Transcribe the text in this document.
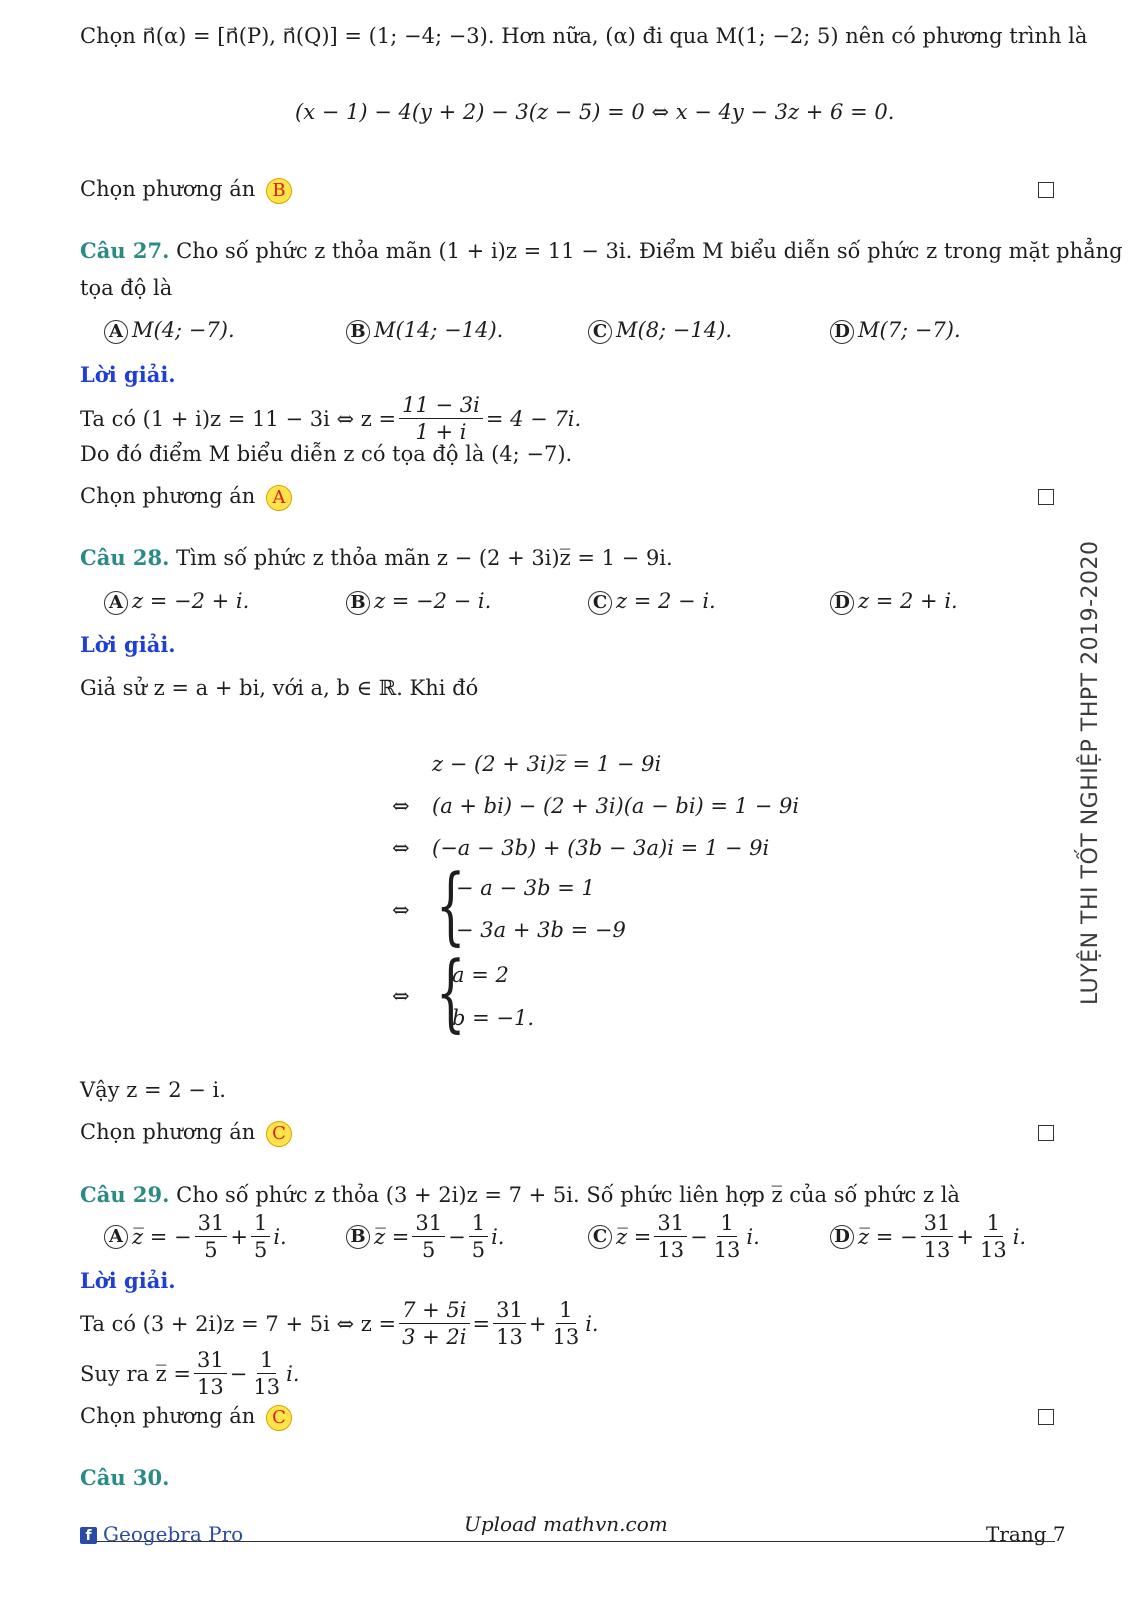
Chọn n⃗(α) = [n⃗(P), n⃗(Q)] = (1; −4; −3). Hơn nữa, (α) đi qua M(1; −2; 5) nên có phương trình là
(x − 1) − 4(y + 2) − 3(z − 5) = 0 ⇔ x − 4y − 3z + 6 = 0.
Chọn phương án B
Câu 27. Cho số phức z thỏa mãn (1 + i)z = 11 − 3i. Điểm M biểu diễn số phức z trong mặt phẳng
tọa độ là
A M(4; −7).	B M(14; −14).	C M(8; −14).	D M(7; −7).
Lời giải.
Ta có (1 + i)z = 11 − 3i ⇔ $z = \frac{11 - 3i}{1 + i} = 4 - 7i$.
Do đó điểm M biểu diễn z có tọa độ là (4; −7).
Chọn phương án A
Câu 28. Tìm số phức z thỏa mãn z − (2 + 3i)z̅ = 1 − 9i.
A z = −2 + i.	B z = −2 − i.	C z = 2 − i.	D z = 2 + i.
Lời giải.
Giả sử z = a + bi, với a, b ∈ ℝ. Khi đó
z − (2 + 3i)z̅ = 1 − 9i
⇔ (a + bi) − (2 + 3i)(a − bi) = 1 − 9i
⇔ (−a − 3b) + (3b − 3a)i = 1 − 9i
⇔ {
− a − 3b = 1
− 3a + 3b = −9
⇔ {
a = 2
b = −1.
Vậy z = 2 − i.
Chọn phương án C
Câu 29. Cho số phức z thỏa (3 + 2i)z = 7 + 5i. Số phức liên hợp z̅ của số phức z là
A z̅ = − $\frac{31}{5} + \frac{1}{5} i$.	B z̅ = $\frac{31}{5} - \frac{1}{5} i$.	C z̅ = $\frac{31}{13} - \frac{1}{13} i$.	D z̅ = − $\frac{31}{13} + \frac{1}{13} i$.
Lời giải.
Ta có (3 + 2i)z = 7 + 5i ⇔ $z = \frac{7 + 5i}{3 + 2i} = \frac{31}{13} + \frac{1}{13} i$.
Suy ra z̅ = $\frac{31}{13} - \frac{1}{13} i$.
Chọn phương án C
Câu 30.
LUYỆN THI TỐT NGHIỆP THPT 2019-2020
Upload mathvn.com
f Geogebra Pro	Trang 7
